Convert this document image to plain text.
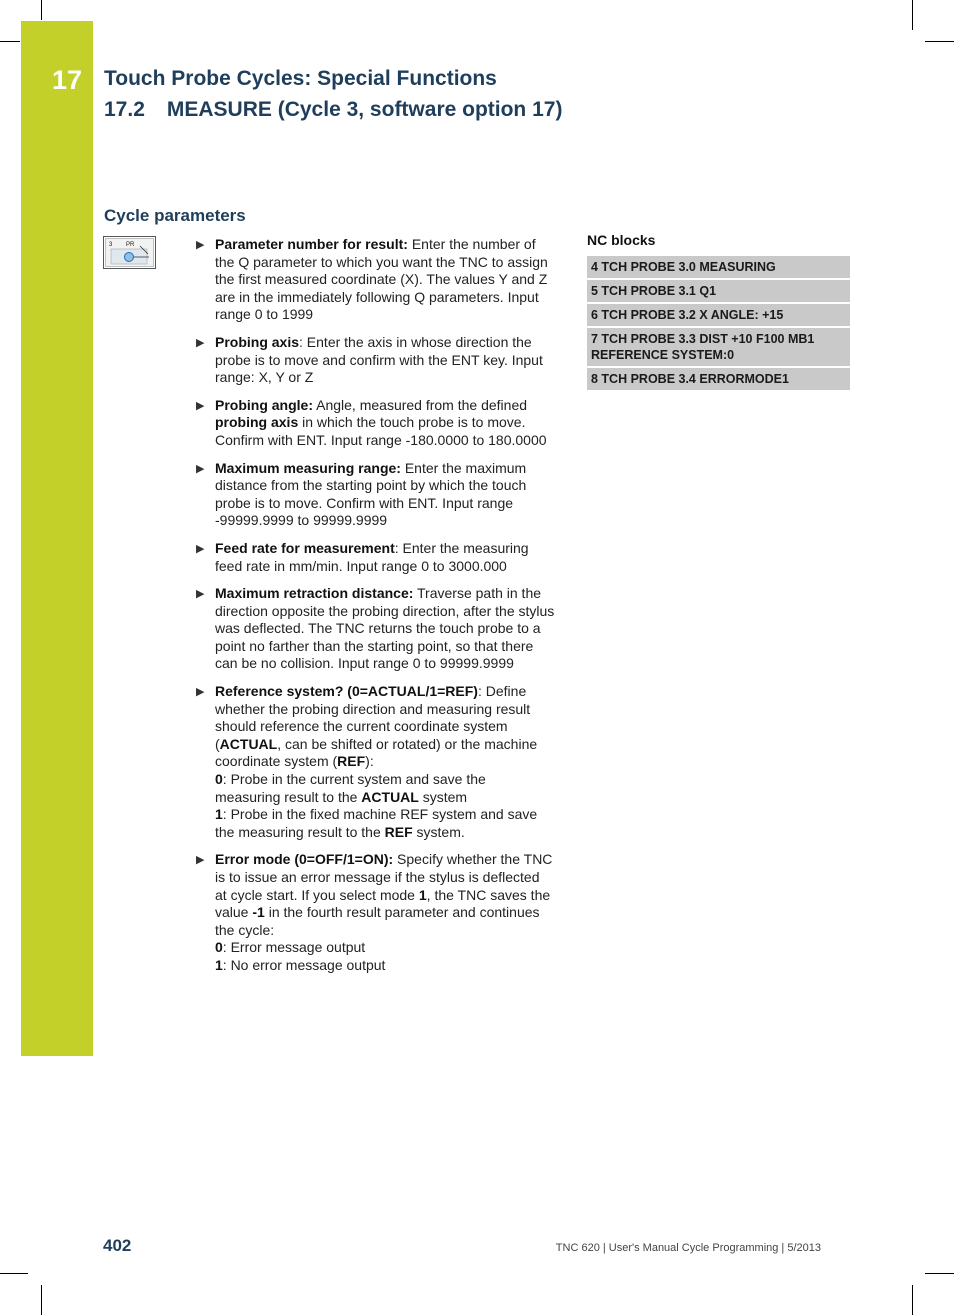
17	Touch Probe Cycles: Special Functions
17.2 MEASURE (Cycle 3, software option 17)
Cycle parameters
3 PR	▶ Parameter number for result: Enter the number of the Q parameter to which you want the TNC to assign the first measured coordinate (X). The values Y and Z are in the immediately following Q parameters. Input range 0 to 1999
▶ Probing axis: Enter the axis in whose direction the probe is to move and confirm with the ENT key. Input range: X, Y or Z
▶ Probing angle: Angle, measured from the defined probing axis in which the touch probe is to move. Confirm with ENT. Input range -180.0000 to 180.0000
▶ Maximum measuring range: Enter the maximum distance from the starting point by which the touch probe is to move. Confirm with ENT. Input range -99999.9999 to 99999.9999
▶ Feed rate for measurement: Enter the measuring feed rate in mm/min. Input range 0 to 3000.000
▶ Maximum retraction distance: Traverse path in the direction opposite the probing direction, after the stylus was deflected. The TNC returns the touch probe to a point no farther than the starting point, so that there can be no collision. Input range 0 to 99999.9999
▶ Reference system? (0=ACTUAL/1=REF): Define whether the probing direction and measuring result should reference the current coordinate system (ACTUAL, can be shifted or rotated) or the machine coordinate system (REF):
0: Probe in the current system and save the measuring result to the ACTUAL system
1: Probe in the fixed machine REF system and save the measuring result to the REF system.
▶ Error mode (0=OFF/1=ON): Specify whether the TNC is to issue an error message if the stylus is deflected at cycle start. If you select mode 1, the TNC saves the value -1 in the fourth result parameter and continues the cycle:
0: Error message output
1: No error message output
NC blocks
4 TCH PROBE 3.0 MEASURING
5 TCH PROBE 3.1 Q1
6 TCH PROBE 3.2 X ANGLE: +15
7 TCH PROBE 3.3 DIST +10 F100 MB1 REFERENCE SYSTEM:0
8 TCH PROBE 3.4 ERRORMODE1
402	TNC 620 | User's Manual Cycle Programming | 5/2013
